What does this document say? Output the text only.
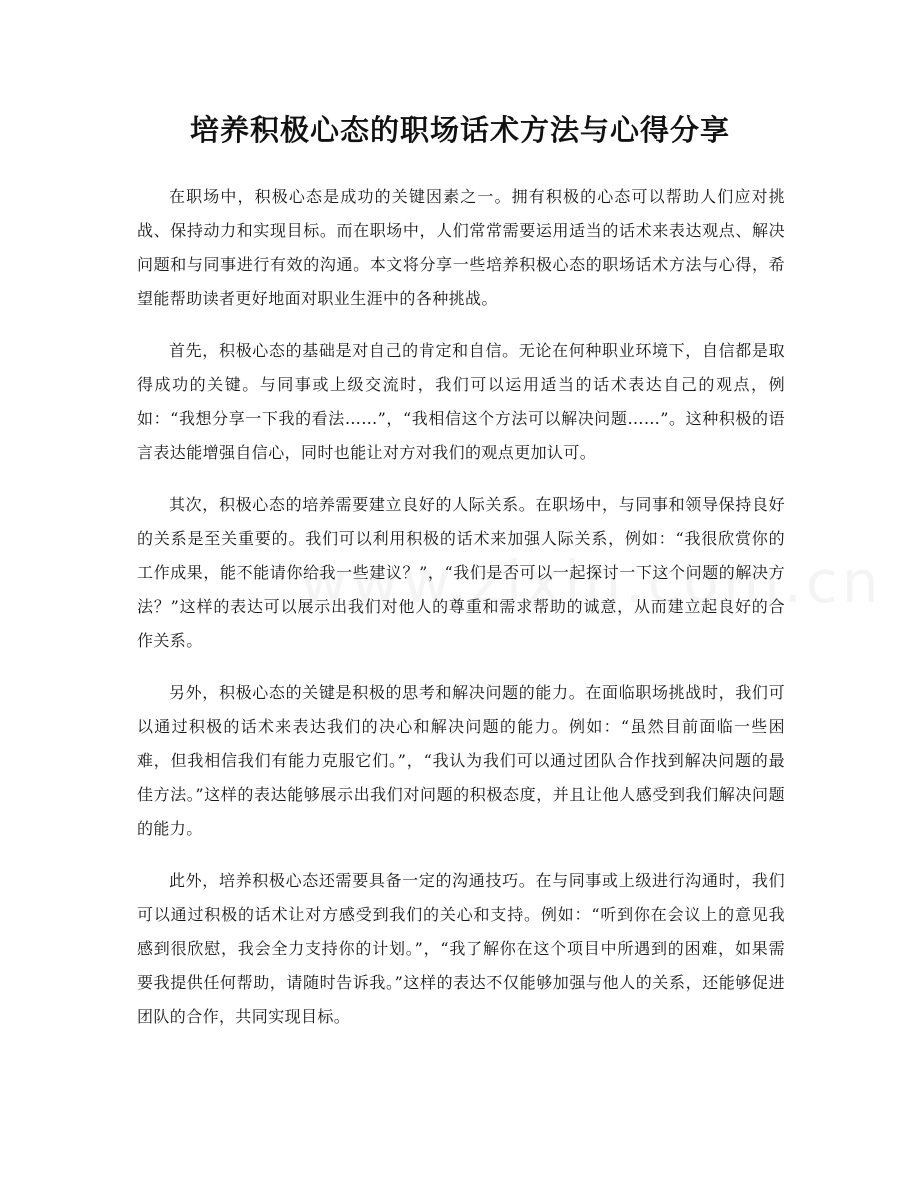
培养积极心态的职场话术方法与心得分享

在职场中，积极心态是成功的关键因素之一。拥有积极的心态可以帮助人们应对挑战、保持动力和实现目标。而在职场中，人们常常需要运用适当的话术来表达观点、解决问题和与同事进行有效的沟通。本文将分享一些培养积极心态的职场话术方法与心得，希望能帮助读者更好地面对职业生涯中的各种挑战。

首先，积极心态的基础是对自己的肯定和自信。无论在何种职业环境下，自信都是取得成功的关键。与同事或上级交流时，我们可以运用适当的话术表达自己的观点，例如：“我想分享一下我的看法……”，“我相信这个方法可以解决问题……”。这种积极的语言表达能增强自信心，同时也能让对方对我们的观点更加认可。

其次，积极心态的培养需要建立良好的人际关系。在职场中，与同事和领导保持良好的关系是至关重要的。我们可以利用积极的话术来加强人际关系，例如：“我很欣赏你的工作成果，能不能请你给我一些建议？”，“我们是否可以一起探讨一下这个问题的解决方法？”这样的表达可以展示出我们对他人的尊重和需求帮助的诚意，从而建立起良好的合作关系。

另外，积极心态的关键是积极的思考和解决问题的能力。在面临职场挑战时，我们可以通过积极的话术来表达我们的决心和解决问题的能力。例如：“虽然目前面临一些困难，但我相信我们有能力克服它们。”，“我认为我们可以通过团队合作找到解决问题的最佳方法。”这样的表达能够展示出我们对问题的积极态度，并且让他人感受到我们解决问题的能力。

此外，培养积极心态还需要具备一定的沟通技巧。在与同事或上级进行沟通时，我们可以通过积极的话术让对方感受到我们的关心和支持。例如：“听到你在会议上的意见我感到很欣慰，我会全力支持你的计划。”，“我了解你在这个项目中所遇到的困难，如果需要我提供任何帮助，请随时告诉我。”这样的表达不仅能够加强与他人的关系，还能够促进团队的合作，共同实现目标。
